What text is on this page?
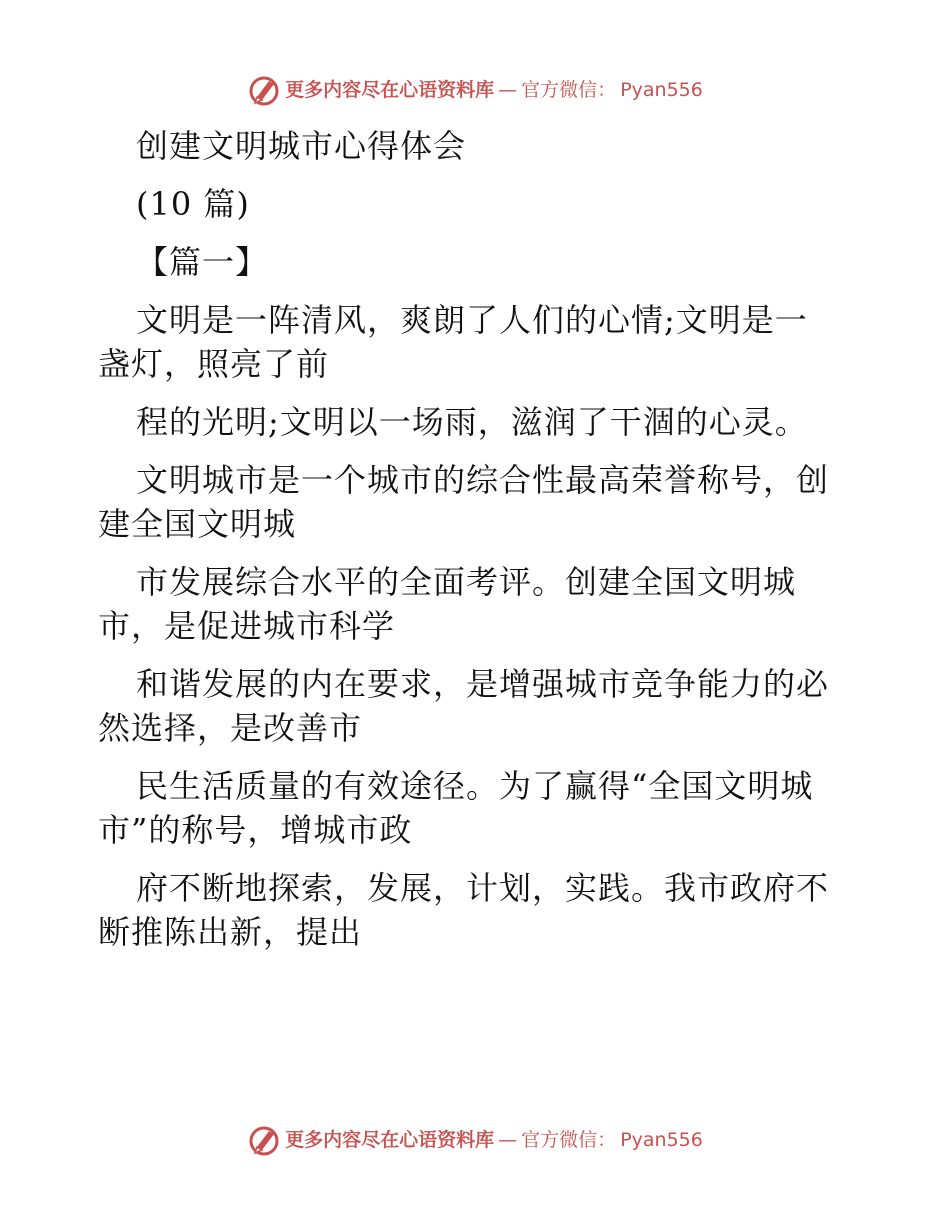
更多内容尽在心语资料库 — 官方微信： Pyan556
创建文明城市心得体会
(10 篇)
【篇一】
文明是一阵清风，爽朗了人们的心情;文明是一
盏灯，照亮了前
程的光明;文明以一场雨，滋润了干涸的心灵。
文明城市是一个城市的综合性最高荣誉称号，创
建全国文明城
市发展综合水平的全面考评。创建全国文明城
市，是促进城市科学
和谐发展的内在要求，是增强城市竞争能力的必
然选择，是改善市
民生活质量的有效途径。为了赢得“全国文明城
市”的称号，增城市政
府不断地探索，发展，计划，实践。我市政府不
断推陈出新，提出
更多内容尽在心语资料库 — 官方微信： Pyan556
